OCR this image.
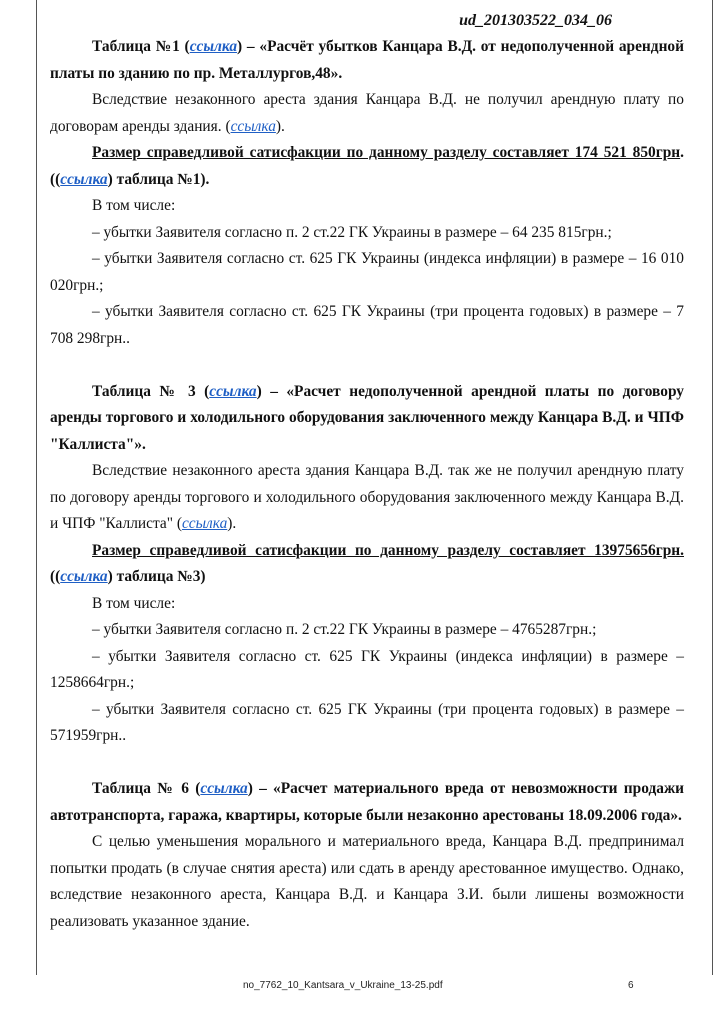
ud_201303522_034_06

Таблица №1 (ссылка) – «Расчёт убытков Канцара В.Д. от недополученной арендной платы по зданию по пр. Металлургов,48».

Вследствие незаконного ареста здания Канцара В.Д. не получил арендную плату по договорам аренды здания. (ссылка).

Размер справедливой сатисфакции по данному разделу составляет 174 521 850грн. ((ссылка) таблица №1).

В том числе:

– убытки Заявителя согласно п. 2 ст.22 ГК Украины в размере – 64 235 815грн.;

– убытки Заявителя согласно ст. 625 ГК Украины (индекса инфляции) в размере – 16 010 020грн.;

– убытки Заявителя согласно ст. 625 ГК Украины (три процента годовых) в размере – 7 708 298грн..

Таблица № 3 (ссылка) – «Расчет недополученной арендной платы по договору аренды торгового и холодильного оборудования заключенного между Канцара В.Д. и ЧПФ "Каллиста"».

Вследствие незаконного ареста здания Канцара В.Д. так же не получил арендную плату по договору аренды торгового и холодильного оборудования заключенного между Канцара В.Д. и ЧПФ "Каллиста" (ссылка).

Размер справедливой сатисфакции по данному разделу составляет 13975656грн. ((ссылка) таблица №3)

В том числе:

– убытки Заявителя согласно п. 2 ст.22 ГК Украины в размере – 4765287грн.;

– убытки Заявителя согласно ст. 625 ГК Украины (индекса инфляции) в размере – 1258664грн.;

– убытки Заявителя согласно ст. 625 ГК Украины (три процента годовых) в размере – 571959грн..

Таблица № 6 (ссылка) – «Расчет материального вреда от невозможности продажи автотранспорта, гаража, квартиры, которые были незаконно арестованы 18.09.2006 года».

С целью уменьшения морального и материального вреда, Канцара В.Д. предпринимал попытки продать (в случае снятия ареста) или сдать в аренду арестованное имущество. Однако, вследствие незаконного ареста, Канцара В.Д. и Канцара З.И. были лишены возможности реализовать указанное здание.

no_7762_10_Kantsara_v_Ukraine_13-25.pdf	6
